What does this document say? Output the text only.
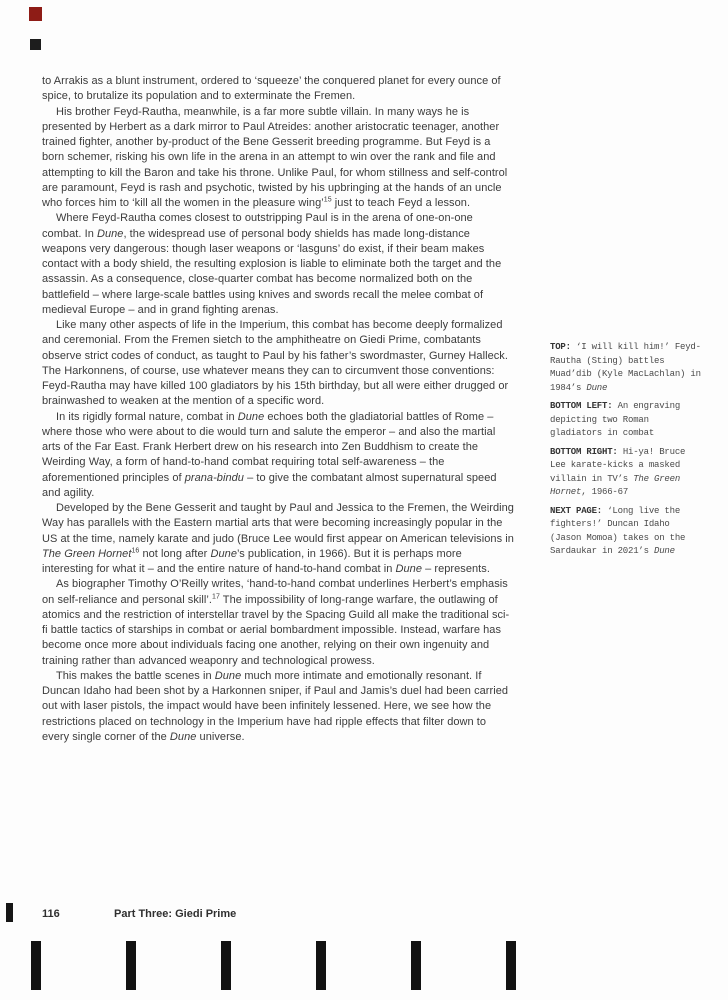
to Arrakis as a blunt instrument, ordered to ‘squeeze’ the conquered planet for every ounce of spice, to brutalize its population and to exterminate the Fremen.

His brother Feyd-Rautha, meanwhile, is a far more subtle villain. In many ways he is presented by Herbert as a dark mirror to Paul Atreides: another aristocratic teenager, another trained fighter, another by-product of the Bene Gesserit breeding programme. But Feyd is a born schemer, risking his own life in the arena in an attempt to win over the rank and file and attempting to kill the Baron and take his throne. Unlike Paul, for whom stillness and self-control are paramount, Feyd is rash and psychotic, twisted by his upbringing at the hands of an uncle who forces him to ‘kill all the women in the pleasure wing’$^{15}$ just to teach Feyd a lesson.

Where Feyd-Rautha comes closest to outstripping Paul is in the arena of one-on-one combat. In Dune, the widespread use of personal body shields has made long-distance weapons very dangerous: though laser weapons or ‘lasguns’ do exist, if their beam makes contact with a body shield, the resulting explosion is liable to eliminate both the target and the assassin. As a consequence, close-quarter combat has become normalized both on the battlefield – where large-scale battles using knives and swords recall the melee combat of medieval Europe – and in grand fighting arenas.

Like many other aspects of life in the Imperium, this combat has become deeply formalized and ceremonial. From the Fremen sietch to the amphitheatre on Giedi Prime, combatants observe strict codes of conduct, as taught to Paul by his father’s swordmaster, Gurney Halleck. The Harkonnens, of course, use whatever means they can to circumvent those conventions: Feyd-Rautha may have killed 100 gladiators by his 15th birthday, but all were either drugged or brainwashed to weaken at the mention of a specific word.

In its rigidly formal nature, combat in Dune echoes both the gladiatorial battles of Rome – where those who were about to die would turn and salute the emperor – and also the martial arts of the Far East. Frank Herbert drew on his research into Zen Buddhism to create the Weirding Way, a form of hand-to-hand combat requiring total self-awareness – the aforementioned principles of prana-bindu – to give the combatant almost supernatural speed and agility.

Developed by the Bene Gesserit and taught by Paul and Jessica to the Fremen, the Weirding Way has parallels with the Eastern martial arts that were becoming increasingly popular in the US at the time, namely karate and judo (Bruce Lee would first appear on American televisions in The Green Hornet$^{16}$ not long after Dune’s publication, in 1966). But it is perhaps more interesting for what it – and the entire nature of hand-to-hand combat in Dune – represents.

As biographer Timothy O’Reilly writes, ‘hand-to-hand combat underlines Herbert’s emphasis on self-reliance and personal skill’.$^{17}$ The impossibility of long-range warfare, the outlawing of atomics and the restriction of interstellar travel by the Spacing Guild all make the traditional sci-fi battle tactics of starships in combat or aerial bombardment impossible. Instead, warfare has become once more about individuals facing one another, relying on their own ingenuity and training rather than advanced weaponry and technological prowess.

This makes the battle scenes in Dune much more intimate and emotionally resonant. If Duncan Idaho had been shot by a Harkonnen sniper, if Paul and Jamis’s duel had been carried out with laser pistols, the impact would have been infinitely lessened. Here, we see how the restrictions placed on technology in the Imperium have had ripple effects that filter down to every single corner of the Dune universe.

TOP: ‘I will kill him!’ Feyd-Rautha (Sting) battles Muad’dib (Kyle MacLachlan) in 1984’s Dune

BOTTOM LEFT: An engraving depicting two Roman gladiators in combat

BOTTOM RIGHT: Hi-ya! Bruce Lee karate-kicks a masked villain in TV’s The Green Hornet, 1966-67

NEXT PAGE: ‘Long live the fighters!’ Duncan Idaho (Jason Momoa) takes on the Sardaukar in 2021’s Dune

116	Part Three: Giedi Prime
